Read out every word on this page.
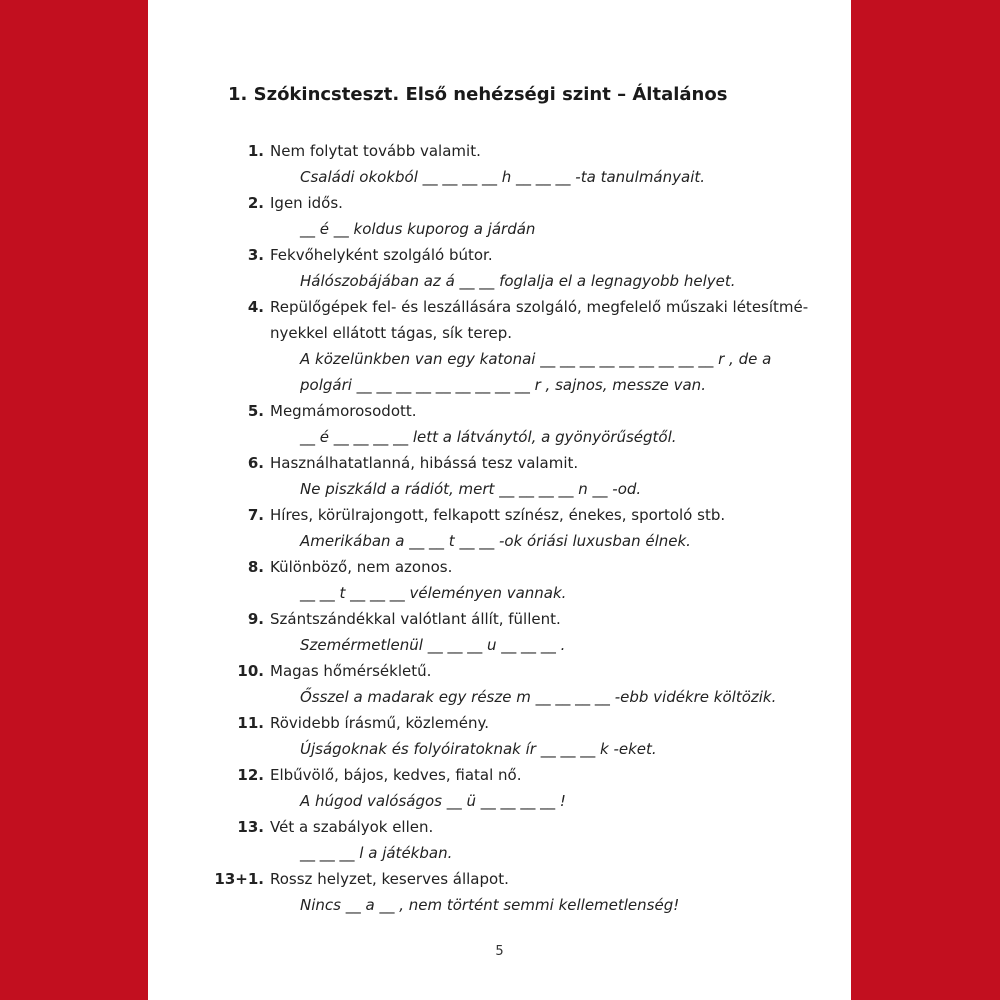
1. Szókincsteszt. Első nehézségi szint – Általános
1. Nem folytat tovább valamit.
Családi okokból __ __ __ __ h __ __ __ -ta tanulmányait.
2. Igen idős.
__ é __ koldus kuporog a járdán
3. Fekvőhelyként szolgáló bútor.
Hálószobájában az á __ __ foglalja el a legnagyobb helyet.
4. Repülőgépek fel- és leszállására szolgáló, megfelelő műszaki létesítmé-
nyekkel ellátott tágas, sík terep.
A közelünkben van egy katonai __ __ __ __ __ __ __ __ __ r , de a
polgári __ __ __ __ __ __ __ __ __ r , sajnos, messze van.
5. Megmámorosodott.
__ é __ __ __ __ lett a látványtól, a gyönyörűségtől.
6. Használhatatlanná, hibássá tesz valamit.
Ne piszkáld a rádiót, mert __ __ __ __ n __ -od.
7. Híres, körülrajongott, felkapott színész, énekes, sportoló stb.
Amerikában a __ __ t __ __ -ok óriási luxusban élnek.
8. Különböző, nem azonos.
__ __ t __ __ __ véleményen vannak.
9. Szántszándékkal valótlant állít, füllent.
Szemérmetlenül __ __ __ u __ __ __ .
10. Magas hőmérsékletű.
Ősszel a madarak egy része m __ __ __ __ -ebb vidékre költözik.
11. Rövidebb írásmű, közlemény.
Újságoknak és folyóiratoknak ír __ __ __ k -eket.
12. Elbűvölő, bájos, kedves, fiatal nő.
A húgod valóságos __ ü __ __ __ __ !
13. Vét a szabályok ellen.
__ __ __ l a játékban.
13+1. Rossz helyzet, keserves állapot.
Nincs __ a __ , nem történt semmi kellemetlenség!
5
